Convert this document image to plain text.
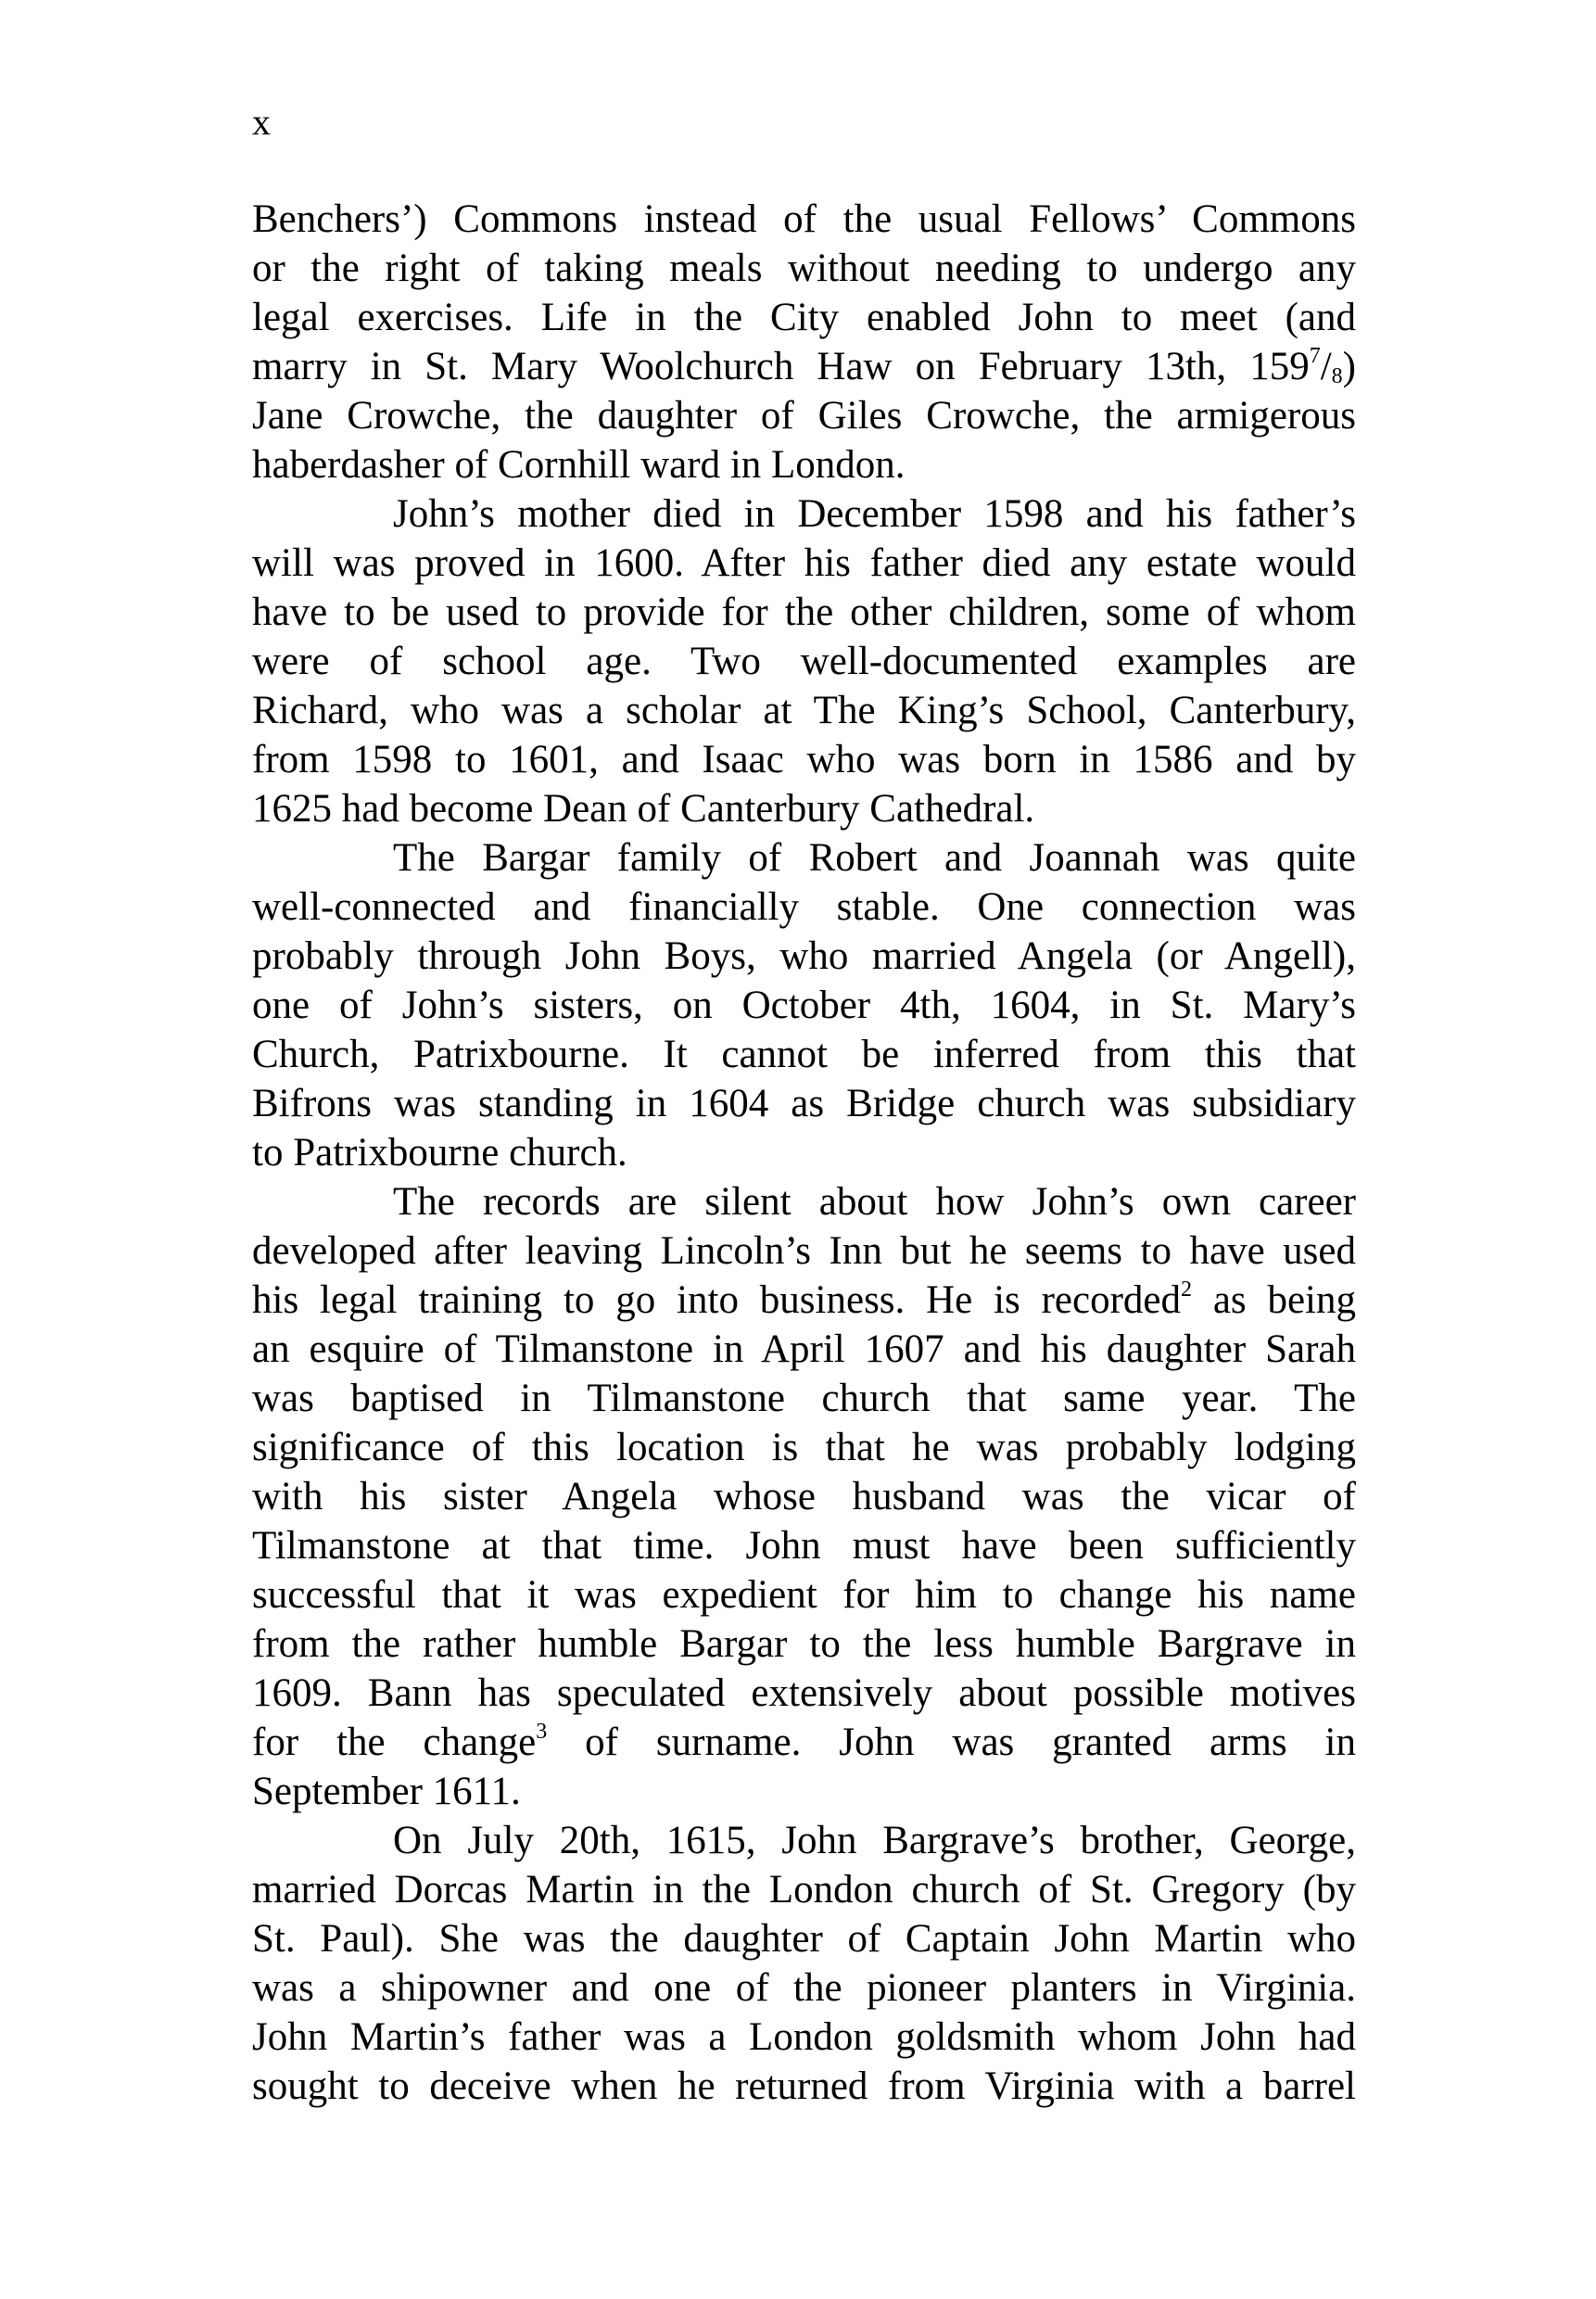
x
Benchers’) Commons instead of the usual Fellows’ Commons
or the right of taking meals without needing to undergo any
legal exercises. Life in the City enabled John to meet (and
marry in St. Mary Woolchurch Haw on February 13th, $159^7/8$)
Jane Crowche, the daughter of Giles Crowche, the armigerous
haberdasher of Cornhill ward in London.
John’s mother died in December 1598 and his father’s
will was proved in 1600. After his father died any estate would
have to be used to provide for the other children, some of whom
were of school age. Two well-documented examples are
Richard, who was a scholar at The King’s School, Canterbury,
from 1598 to 1601, and Isaac who was born in 1586 and by
1625 had become Dean of Canterbury Cathedral.
The Bargar family of Robert and Joannah was quite
well-connected and financially stable. One connection was
probably through John Boys, who married Angela (or Angell),
one of John’s sisters, on October 4th, 1604, in St. Mary’s
Church, Patrixbourne. It cannot be inferred from this that
Bifrons was standing in 1604 as Bridge church was subsidiary
to Patrixbourne church.
The records are silent about how John’s own career
developed after leaving Lincoln’s Inn but he seems to have used
his legal training to go into business. He is recorded$^2$ as being
an esquire of Tilmanstone in April 1607 and his daughter Sarah
was baptised in Tilmanstone church that same year. The
significance of this location is that he was probably lodging
with his sister Angela whose husband was the vicar of
Tilmanstone at that time. John must have been sufficiently
successful that it was expedient for him to change his name
from the rather humble Bargar to the less humble Bargrave in
1609. Bann has speculated extensively about possible motives
for the change$^3$ of surname. John was granted arms in
September 1611.
On July 20th, 1615, John Bargrave’s brother, George,
married Dorcas Martin in the London church of St. Gregory (by
St. Paul). She was the daughter of Captain John Martin who
was a shipowner and one of the pioneer planters in Virginia.
John Martin’s father was a London goldsmith whom John had
sought to deceive when he returned from Virginia with a barrel
